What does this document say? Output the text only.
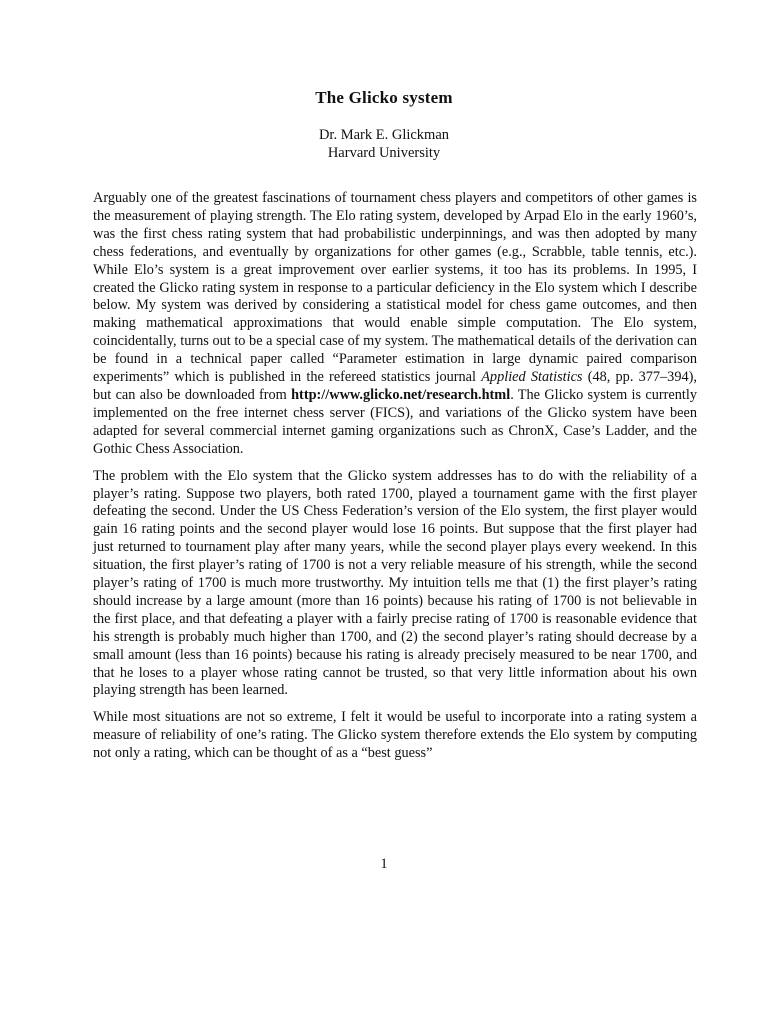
The Glicko system
Dr. Mark E. Glickman
Harvard University

Arguably one of the greatest fascinations of tournament chess players and competitors of other games is the measurement of playing strength. The Elo rating system, developed by Arpad Elo in the early 1960’s, was the first chess rating system that had probabilistic underpinnings, and was then adopted by many chess federations, and eventually by organizations for other games (e.g., Scrabble, table tennis, etc.). While Elo’s system is a great improvement over earlier systems, it too has its problems. In 1995, I created the Glicko rating system in response to a particular deficiency in the Elo system which I describe below. My system was derived by considering a statistical model for chess game outcomes, and then making mathematical approximations that would enable simple computation. The Elo system, coincidentally, turns out to be a special case of my system. The mathematical details of the derivation can be found in a technical paper called “Parameter estimation in large dynamic paired comparison experiments” which is published in the refereed statistics journal Applied Statistics (48, pp. 377–394), but can also be downloaded from http://www.glicko.net/research.html. The Glicko system is currently implemented on the free internet chess server (FICS), and variations of the Glicko system have been adapted for several commercial internet gaming organizations such as ChronX, Case’s Ladder, and the Gothic Chess Association.

The problem with the Elo system that the Glicko system addresses has to do with the reliability of a player’s rating. Suppose two players, both rated 1700, played a tournament game with the first player defeating the second. Under the US Chess Federation’s version of the Elo system, the first player would gain 16 rating points and the second player would lose 16 points. But suppose that the first player had just returned to tournament play after many years, while the second player plays every weekend. In this situation, the first player’s rating of 1700 is not a very reliable measure of his strength, while the second player’s rating of 1700 is much more trustworthy. My intuition tells me that (1) the first player’s rating should increase by a large amount (more than 16 points) because his rating of 1700 is not believable in the first place, and that defeating a player with a fairly precise rating of 1700 is reasonable evidence that his strength is probably much higher than 1700, and (2) the second player’s rating should decrease by a small amount (less than 16 points) because his rating is already precisely measured to be near 1700, and that he loses to a player whose rating cannot be trusted, so that very little information about his own playing strength has been learned.

While most situations are not so extreme, I felt it would be useful to incorporate into a rating system a measure of reliability of one’s rating. The Glicko system therefore extends the Elo system by computing not only a rating, which can be thought of as a “best guess”

1
